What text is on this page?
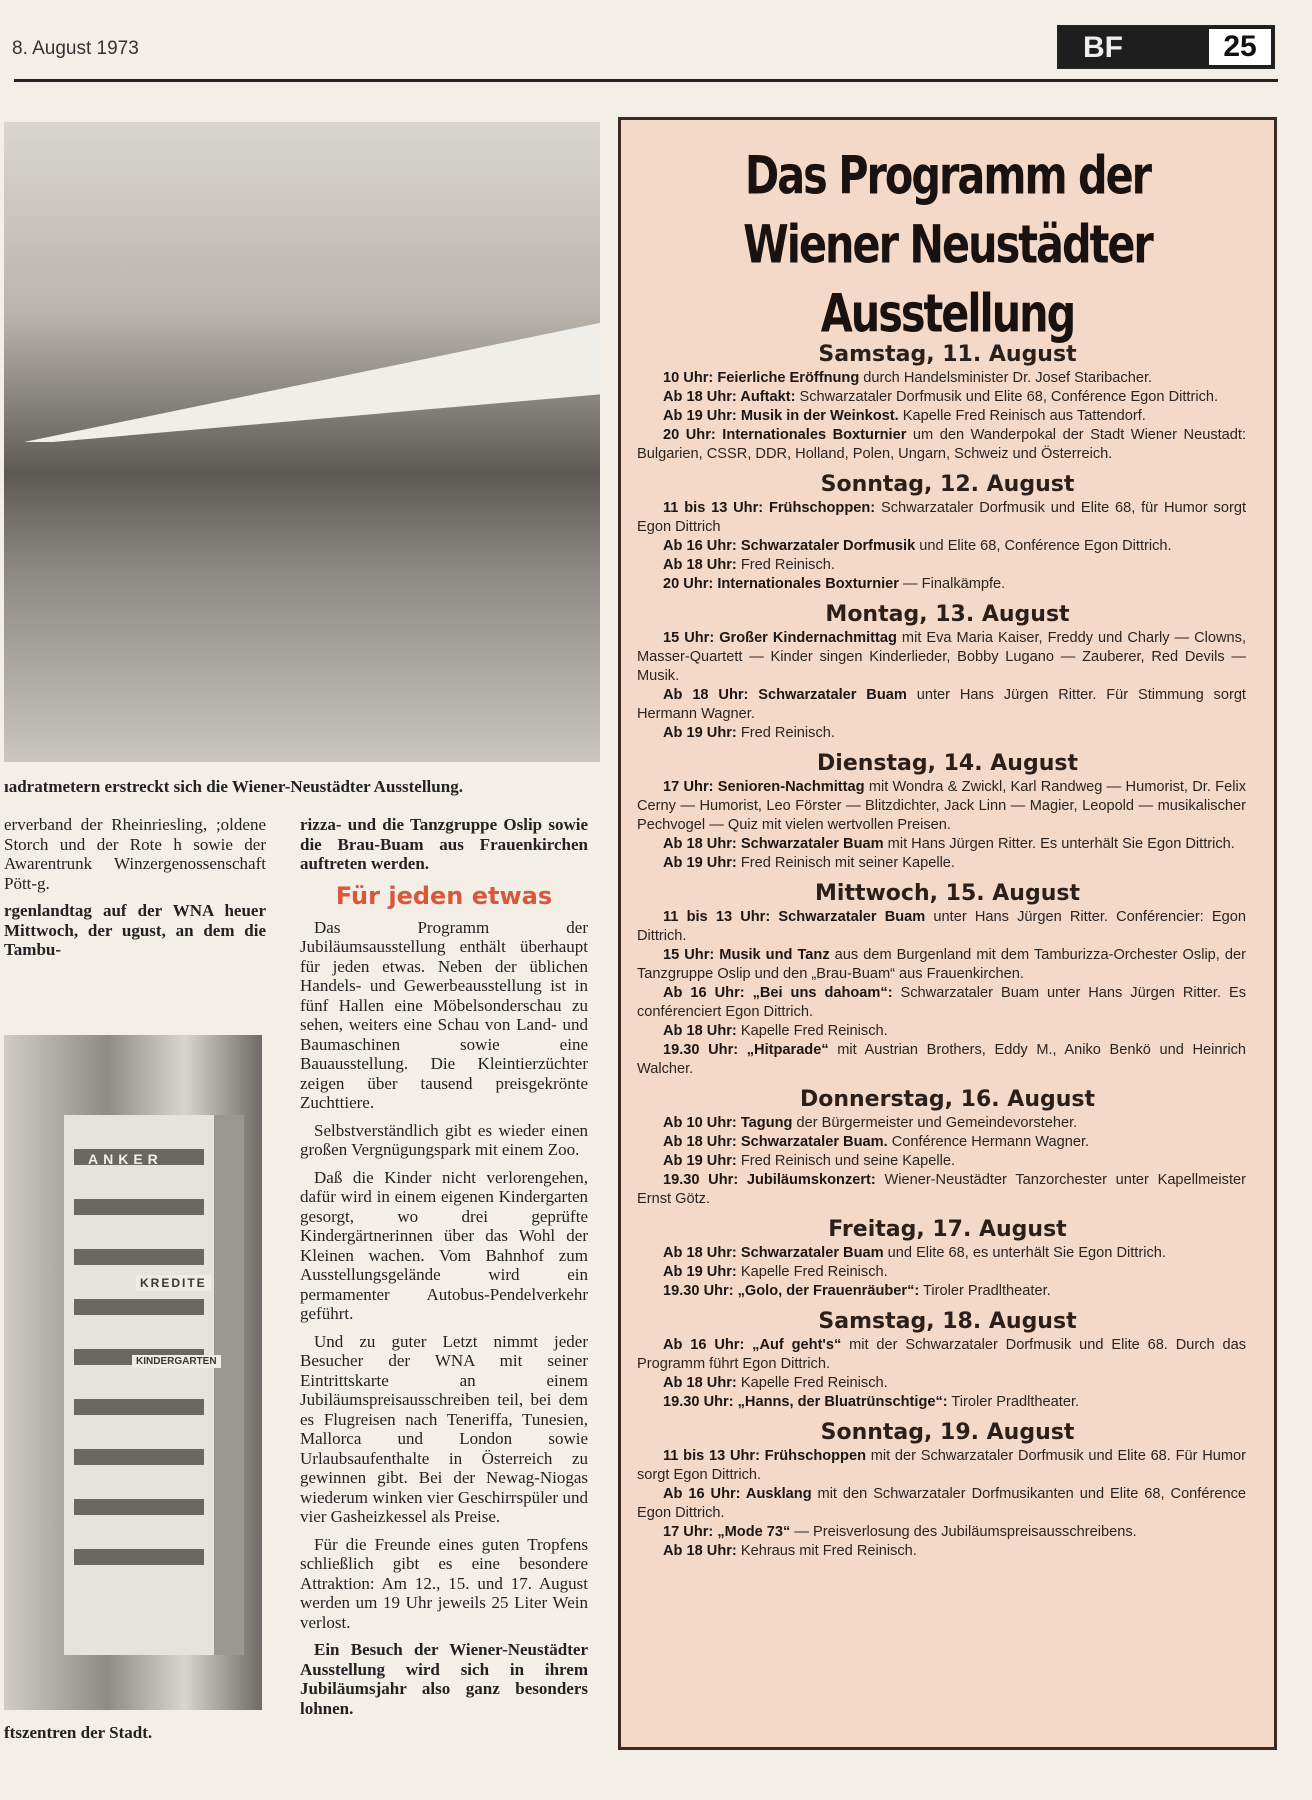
8. August 1973	BF	25
ıadratmetern erstreckt sich die Wiener-Neustädter Ausstellung.

erverband der Rheinriesling, ;oldene Storch und der Rote h sowie der Awarentrunk Winzergenossenschaft Pött-g.

rgenlandtag auf der WNA heuer Mittwoch, der ugust, an dem die Tambu-

rizza- und die Tanzgruppe Oslip sowie die Brau-Buam aus Frauenkirchen auftreten werden.

Für jeden etwas

Das Programm der Jubiläumsausstellung enthält überhaupt für jeden etwas. Neben der üblichen Handels- und Gewerbeausstellung ist in fünf Hallen eine Möbelsonderschau zu sehen, weiters eine Schau von Land- und Baumaschinen sowie eine Bauausstellung. Die Kleintierzüchter zeigen über tausend preisgekrönte Zuchttiere.

Selbstverständlich gibt es wieder einen großen Vergnügungspark mit einem Zoo.

Daß die Kinder nicht verlorengehen, dafür wird in einem eigenen Kindergarten gesorgt, wo drei geprüfte Kindergärtnerinnen über das Wohl der Kleinen wachen. Vom Bahnhof zum Ausstellungsgelände wird ein permamenter Autobus-Pendelverkehr geführt.

Und zu guter Letzt nimmt jeder Besucher der WNA mit seiner Eintrittskarte an einem Jubiläumspreisausschreiben teil, bei dem es Flugreisen nach Teneriffa, Tunesien, Mallorca und London sowie Urlaubsaufenthalte in Österreich zu gewinnen gibt. Bei der Newag-Niogas wiederum winken vier Geschirrspüler und vier Gasheizkessel als Preise.

Für die Freunde eines guten Tropfens schließlich gibt es eine besondere Attraktion: Am 12., 15. und 17. August werden um 19 Uhr jeweils 25 Liter Wein verlost.

Ein Besuch der Wiener-Neustädter Ausstellung wird sich in ihrem Jubiläumsjahr also ganz besonders lohnen.

ANKER
KREDITE
KINDERGARTEN
ftszentren der Stadt.
Das Programm der
Wiener Neustädter Ausstellung
Samstag, 11. August
10 Uhr: Feierliche Eröffnung durch Handelsminister Dr. Josef Staribacher.
Ab 18 Uhr: Auftakt: Schwarzataler Dorfmusik und Elite 68, Conférence Egon Dittrich.
Ab 19 Uhr: Musik in der Weinkost. Kapelle Fred Reinisch aus Tattendorf.
20 Uhr: Internationales Boxturnier um den Wanderpokal der Stadt Wiener Neustadt: Bulgarien, CSSR, DDR, Holland, Polen, Ungarn, Schweiz und Österreich.
Sonntag, 12. August
11 bis 13 Uhr: Frühschoppen: Schwarzataler Dorfmusik und Elite 68, für Humor sorgt Egon Dittrich
Ab 16 Uhr: Schwarzataler Dorfmusik und Elite 68, Conférence Egon Dittrich.
Ab 18 Uhr: Fred Reinisch.
20 Uhr: Internationales Boxturnier — Finalkämpfe.
Montag, 13. August
15 Uhr: Großer Kindernachmittag mit Eva Maria Kaiser, Freddy und Charly — Clowns, Masser-Quartett — Kinder singen Kinderlieder, Bobby Lugano — Zauberer, Red Devils — Musik.
Ab 18 Uhr: Schwarzataler Buam unter Hans Jürgen Ritter. Für Stimmung sorgt Hermann Wagner.
Ab 19 Uhr: Fred Reinisch.
Dienstag, 14. August
17 Uhr: Senioren-Nachmittag mit Wondra & Zwickl, Karl Randweg — Humorist, Dr. Felix Cerny — Humorist, Leo Förster — Blitzdichter, Jack Linn — Magier, Leopold — musikalischer Pechvogel — Quiz mit vielen wertvollen Preisen.
Ab 18 Uhr: Schwarzataler Buam mit Hans Jürgen Ritter. Es unterhält Sie Egon Dittrich.
Ab 19 Uhr: Fred Reinisch mit seiner Kapelle.
Mittwoch, 15. August
11 bis 13 Uhr: Schwarzataler Buam unter Hans Jürgen Ritter. Conférencier: Egon Dittrich.
15 Uhr: Musik und Tanz aus dem Burgenland mit dem Tamburizza-Orchester Oslip, der Tanzgruppe Oslip und den „Brau-Buam“ aus Frauenkirchen.
Ab 16 Uhr: „Bei uns dahoam“: Schwarzataler Buam unter Hans Jürgen Ritter. Es conférenciert Egon Dittrich.
Ab 18 Uhr: Kapelle Fred Reinisch.
19.30 Uhr: „Hitparade“ mit Austrian Brothers, Eddy M., Aniko Benkö und Heinrich Walcher.
Donnerstag, 16. August
Ab 10 Uhr: Tagung der Bürgermeister und Gemeindevorsteher.
Ab 18 Uhr: Schwarzataler Buam. Conférence Hermann Wagner.
Ab 19 Uhr: Fred Reinisch und seine Kapelle.
19.30 Uhr: Jubiläumskonzert: Wiener-Neustädter Tanzorchester unter Kapellmeister Ernst Götz.
Freitag, 17. August
Ab 18 Uhr: Schwarzataler Buam und Elite 68, es unterhält Sie Egon Dittrich.
Ab 19 Uhr: Kapelle Fred Reinisch.
19.30 Uhr: „Golo, der Frauenräuber“: Tiroler Pradltheater.
Samstag, 18. August
Ab 16 Uhr: „Auf geht's“ mit der Schwarzataler Dorfmusik und Elite 68. Durch das Programm führt Egon Dittrich.
Ab 18 Uhr: Kapelle Fred Reinisch.
19.30 Uhr: „Hanns, der Bluatrünschtige“: Tiroler Pradltheater.
Sonntag, 19. August
11 bis 13 Uhr: Frühschoppen mit der Schwarzataler Dorfmusik und Elite 68. Für Humor sorgt Egon Dittrich.
Ab 16 Uhr: Ausklang mit den Schwarzataler Dorfmusikanten und Elite 68, Conférence Egon Dittrich.
17 Uhr: „Mode 73“ — Preisverlosung des Jubiläumspreisausschreibens.
Ab 18 Uhr: Kehraus mit Fred Reinisch.
